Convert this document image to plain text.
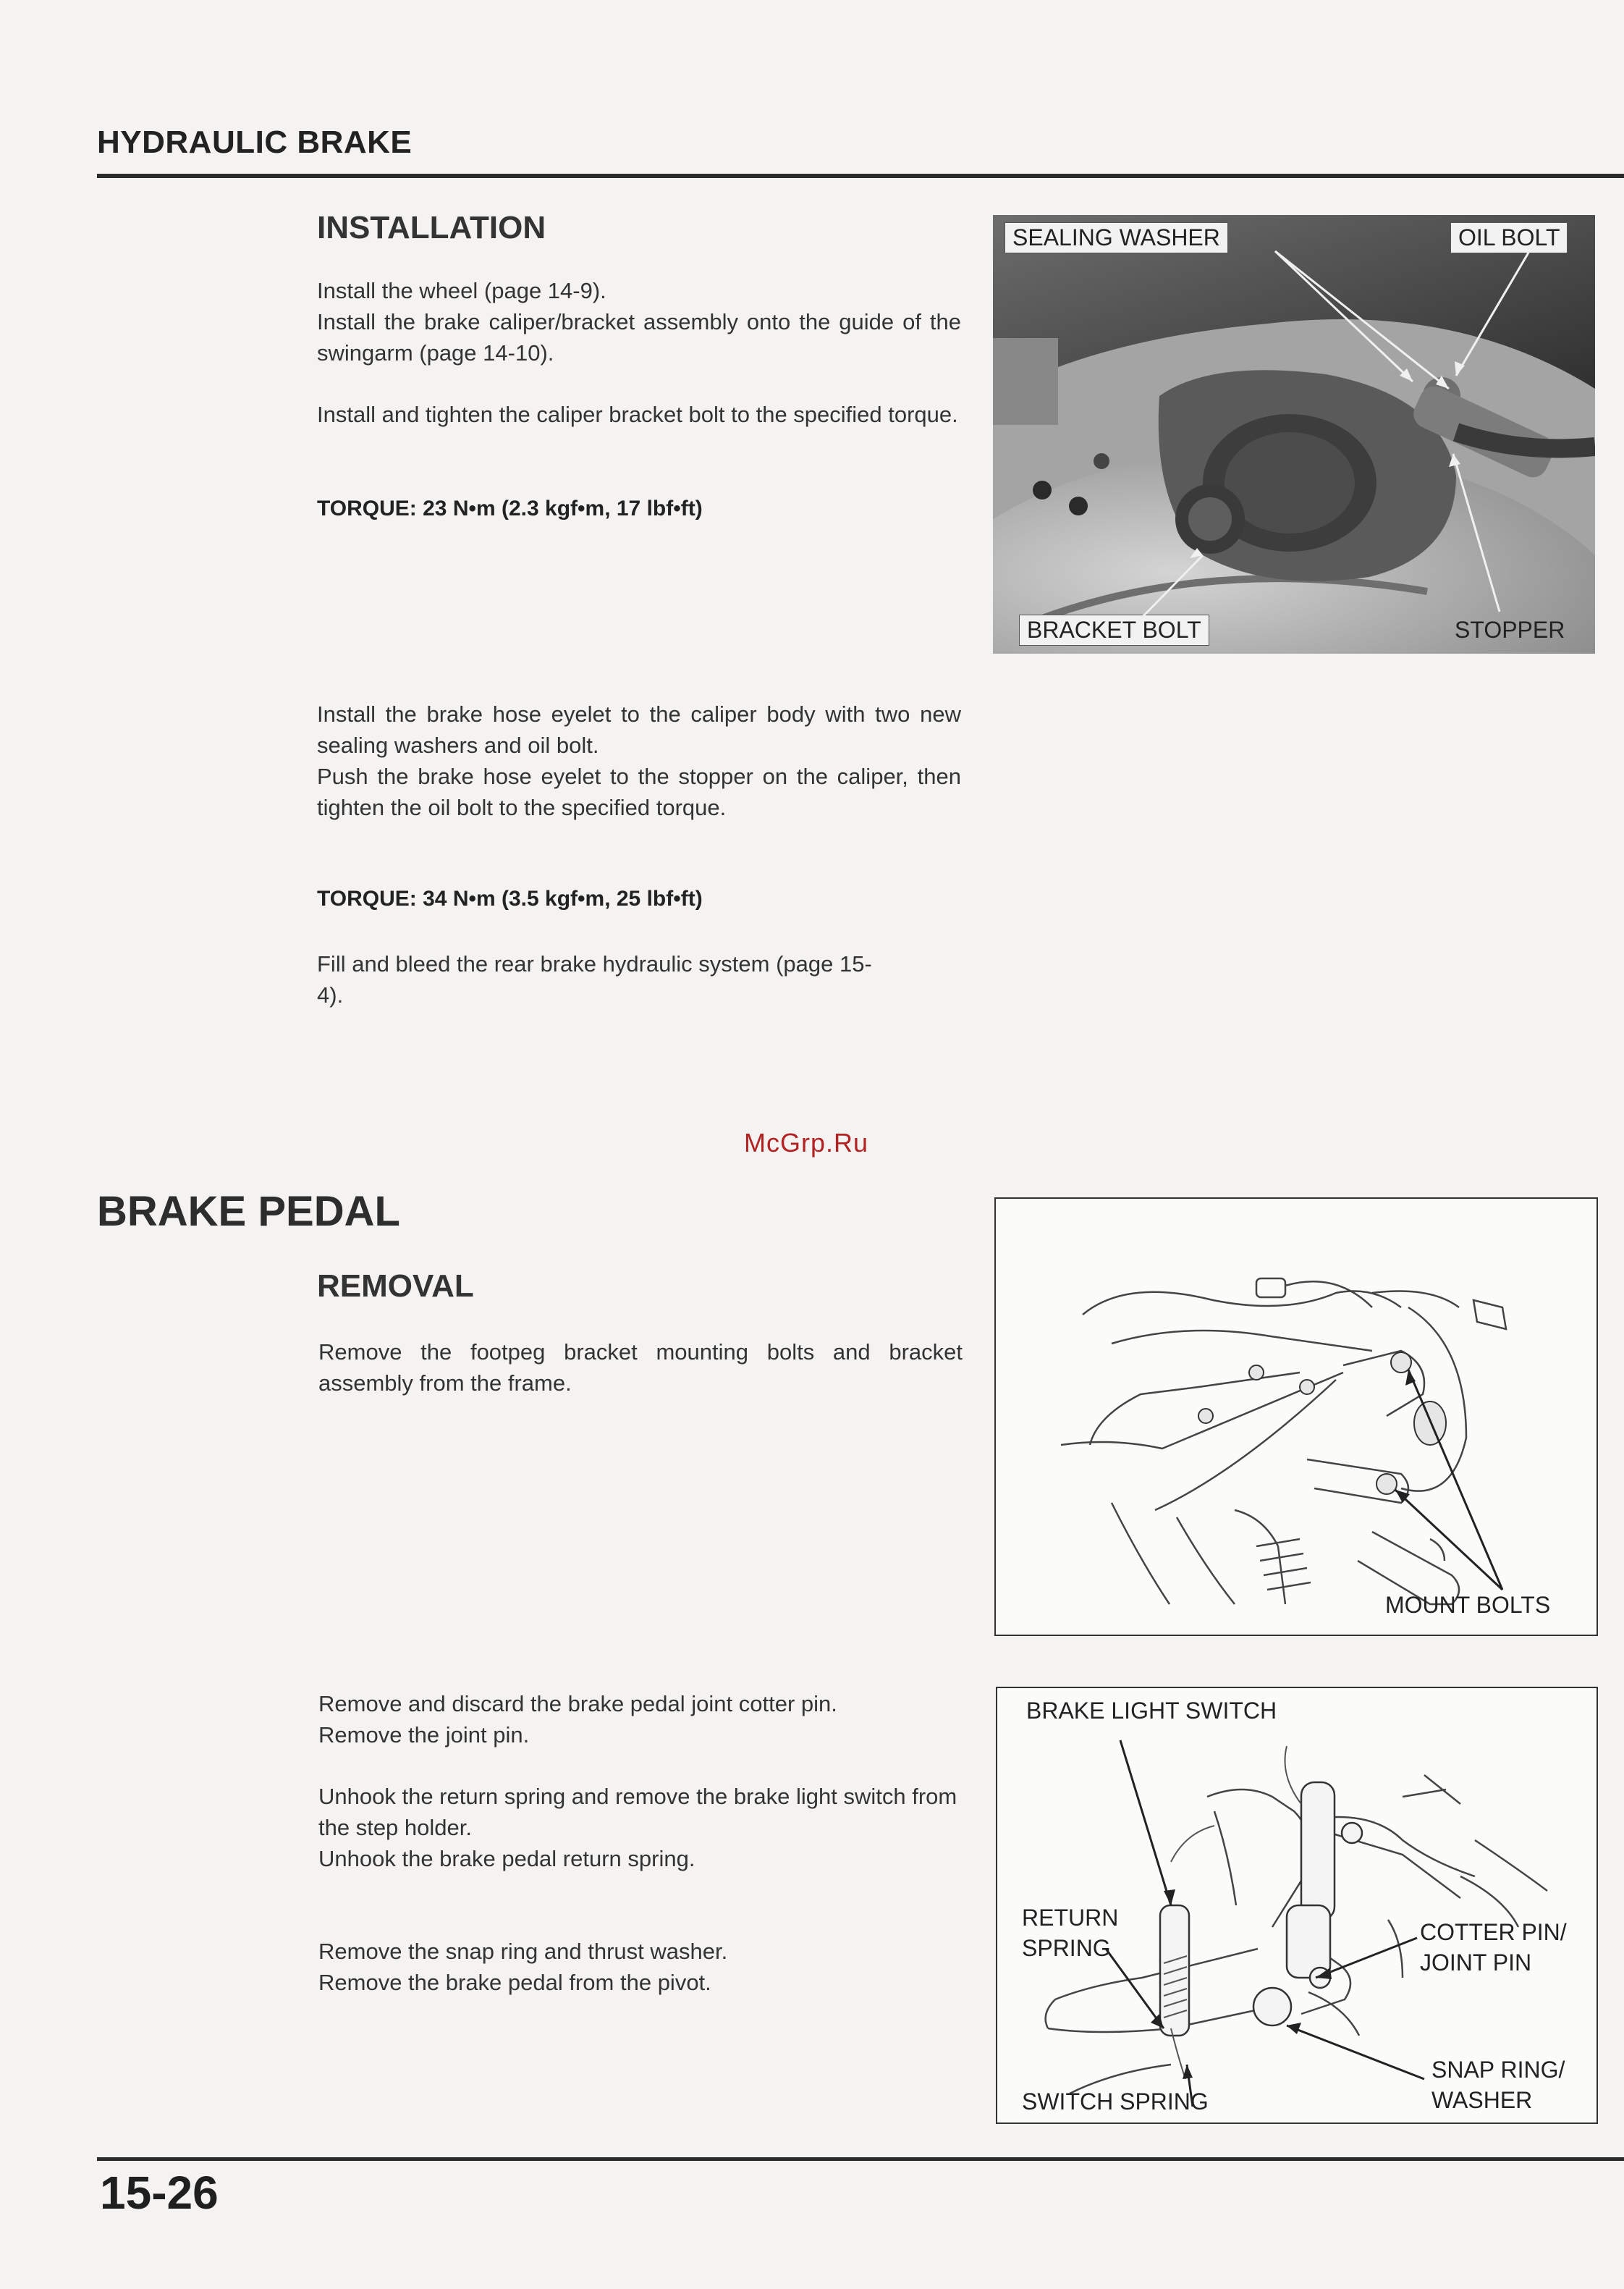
HYDRAULIC BRAKE
INSTALLATION
Install the wheel (page 14-9).
Install the brake caliper/bracket assembly onto the guide of the swingarm (page 14-10).
Install and tighten the caliper bracket bolt to the specified torque.
TORQUE: 23 N•m (2.3 kgf•m, 17 lbf•ft)
Install the brake hose eyelet to the caliper body with two new sealing washers and oil bolt.
Push the brake hose eyelet to the stopper on the caliper, then tighten the oil bolt to the specified torque.
TORQUE: 34 N•m (3.5 kgf•m, 25 lbf•ft)
Fill and bleed the rear brake hydraulic system (page 15-4).
SEALING WASHER	OIL BOLT
BRACKET BOLT	STOPPER
McGrp.Ru
BRAKE PEDAL
REMOVAL
Remove the footpeg bracket mounting bolts and bracket assembly from the frame.
MOUNT BOLTS
Remove and discard the brake pedal joint cotter pin.
Remove the joint pin.
Unhook the return spring and remove the brake light switch from the step holder.
Unhook the brake pedal return spring.
Remove the snap ring and thrust washer.
Remove the brake pedal from the pivot.
BRAKE LIGHT SWITCH
RETURN
SPRING
COTTER PIN/
JOINT PIN
SNAP RING/
WASHER
SWITCH SPRING
15-26
